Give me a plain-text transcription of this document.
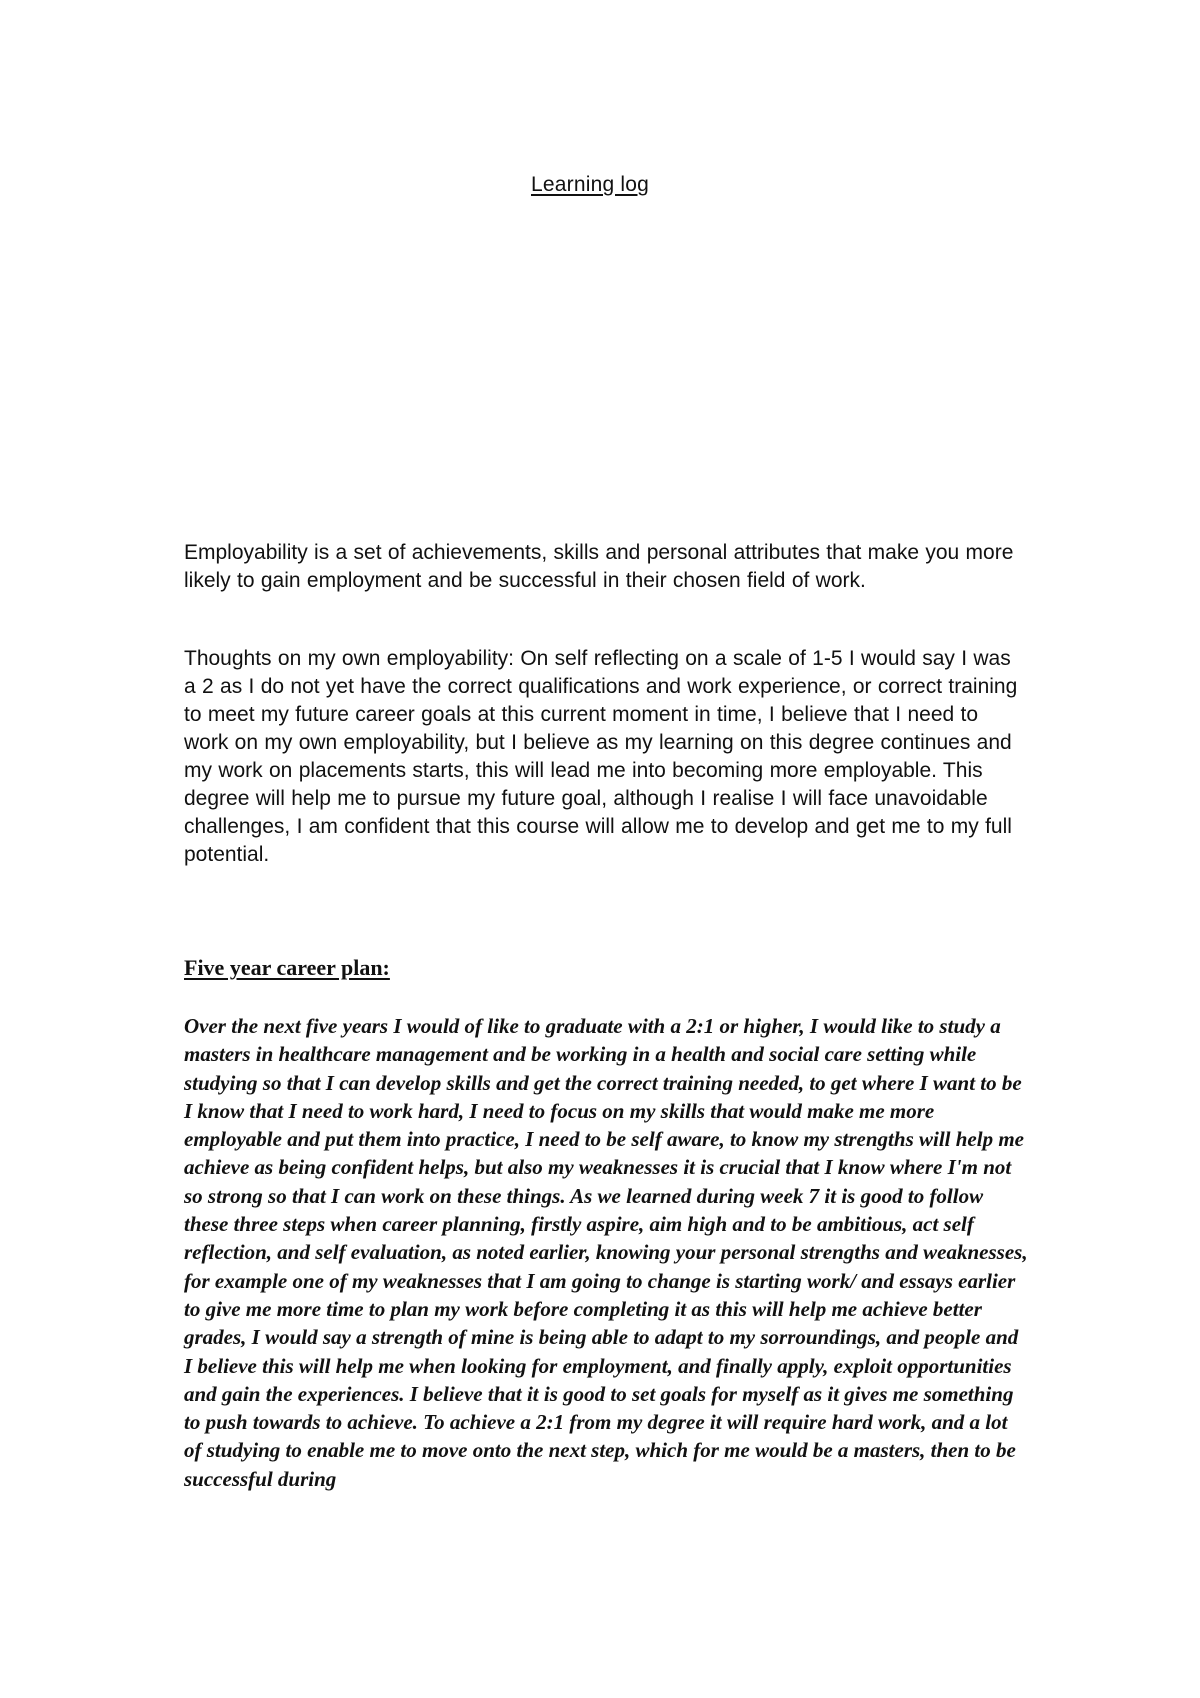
Learning log

Employability is a set of achievements, skills and personal attributes that make you more likely to gain employment and be successful in their chosen field of work.

Thoughts on my own employability: On self reflecting on a scale of 1-5 I would say I was a 2 as I do not yet have the correct qualifications and work experience, or correct training to meet my future career goals at this current moment in time, I believe that I need to work on my own employability, but I believe as my learning on this degree continues and my work on placements starts, this will lead me into becoming more employable. This degree will help me to pursue my future goal, although I realise I will face unavoidable challenges, I am confident that this course will allow me to develop and get me to my full potential.

Five year career plan:

Over the next five years I would of like to graduate with a 2:1 or higher, I would like to study a masters in healthcare management and be working in a health and social care setting while studying so that I can develop skills and get the correct training needed, to get where I want to be I know that I need to work hard, I need to focus on my skills that would make me more employable and put them into practice, I need to be self aware, to know my strengths will help me achieve as being confident helps, but also my weaknesses it is crucial that I know where I'm not so strong so that I can work on these things. As we learned during week 7 it is good to follow these three steps when career planning, firstly aspire, aim high and to be ambitious, act self reflection, and self evaluation, as noted earlier, knowing your personal strengths and weaknesses, for example one of my weaknesses that I am going to change is starting work/ and essays earlier to give me more time to plan my work before completing it as this will help me achieve better grades, I would say a strength of mine is being able to adapt to my sorroundings, and people and I believe this will help me when looking for employment, and finally apply, exploit opportunities and gain the experiences. I believe that it is good to set goals for myself as it gives me something to push towards to achieve. To achieve a 2:1 from my degree it will require hard work, and a lot of studying to enable me to move onto the next step, which for me would be a masters, then to be successful during
